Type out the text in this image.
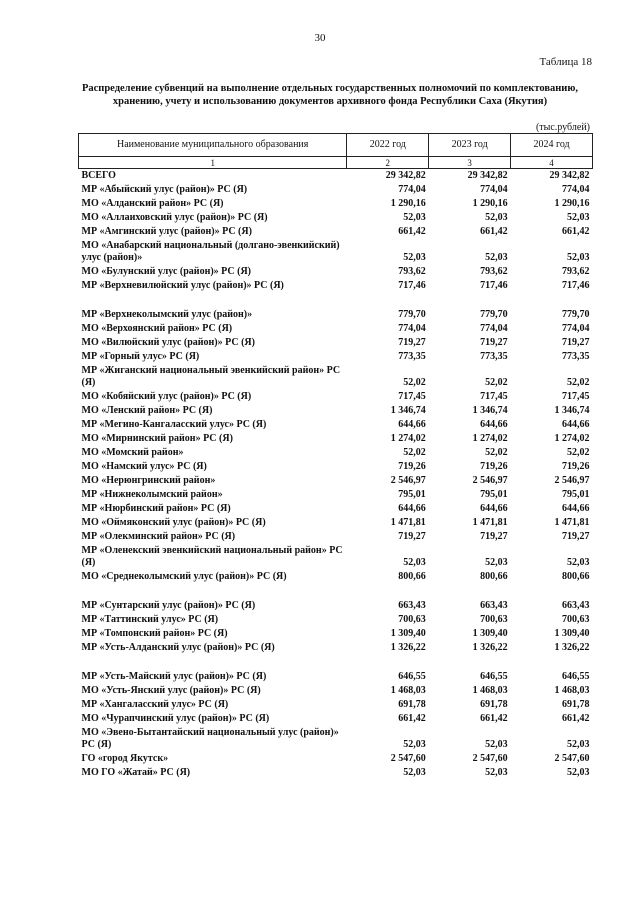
30
Таблица 18
Распределение субвенций на выполнение отдельных государственных полномочий по комплектованию,
хранению, учету и использованию документов архивного фонда Республики Саха (Якутия)
(тыс.рублей)
Наименование муниципального образования	2022 год	2023 год	2024 год
1	2	3	4
ВСЕГО	29 342,82	29 342,82	29 342,82
МР «Абыйский улус (район)» РС (Я)	774,04	774,04	774,04
МО «Алданский район» РС (Я)	1 290,16	1 290,16	1 290,16
МО «Аллаиховский улус (район)» РС (Я)	52,03	52,03	52,03
МР «Амгинский улус (район)» РС (Я)	661,42	661,42	661,42
МО «Анабарский национальный (долгано-эвенкийский) улус (район)»	52,03	52,03	52,03
МО «Булунский улус (район)» РС (Я)	793,62	793,62	793,62
МР «Верхневилюйский улус (район)» РС (Я)	717,46	717,46	717,46

МР «Верхнеколымский улус (район)»	779,70	779,70	779,70
МО «Верхоянский район» РС (Я)	774,04	774,04	774,04
МО «Вилюйский улус (район)» РС (Я)	719,27	719,27	719,27
МР «Горный улус» РС (Я)	773,35	773,35	773,35
МР «Жиганский национальный эвенкийский район» РС (Я)	52,02	52,02	52,02
МО «Кобяйский улус (район)» РС (Я)	717,45	717,45	717,45
МО «Ленский район» РС (Я)	1 346,74	1 346,74	1 346,74
МР «Мегино-Кангаласский улус» РС (Я)	644,66	644,66	644,66
МО «Мирнинский район» РС (Я)	1 274,02	1 274,02	1 274,02
МО «Момский район»	52,02	52,02	52,02
МО «Намский улус» РС (Я)	719,26	719,26	719,26
МО «Нерюнгринский район»	2 546,97	2 546,97	2 546,97
МР «Нижнеколымский район»	795,01	795,01	795,01
МР «Нюрбинский район» РС (Я)	644,66	644,66	644,66
МО «Оймяконский улус (район)» РС (Я)	1 471,81	1 471,81	1 471,81
МР «Олекминский район» РС (Я)	719,27	719,27	719,27
МР «Оленекский эвенкийский национальный район» РС (Я)	52,03	52,03	52,03
МО «Среднеколымский улус (район)» РС (Я)	800,66	800,66	800,66

МР «Сунтарский улус (район)» РС (Я)	663,43	663,43	663,43
МР «Таттинский улус» РС (Я)	700,63	700,63	700,63
МР «Томпонский район» РС (Я)	1 309,40	1 309,40	1 309,40
МР «Усть-Алданский улус (район)» РС (Я)	1 326,22	1 326,22	1 326,22

МР «Усть-Майский улус (район)» РС (Я)	646,55	646,55	646,55
МО «Усть-Янский улус (район)» РС (Я)	1 468,03	1 468,03	1 468,03
МР «Хангаласский улус» РС (Я)	691,78	691,78	691,78
МО «Чурапчинский улус (район)» РС (Я)	661,42	661,42	661,42
МО «Эвено-Бытантайский национальный улус (район)» РС (Я)	52,03	52,03	52,03
ГО «город Якутск»	2 547,60	2 547,60	2 547,60
МО ГО «Жатай» РС (Я)	52,03	52,03	52,03
